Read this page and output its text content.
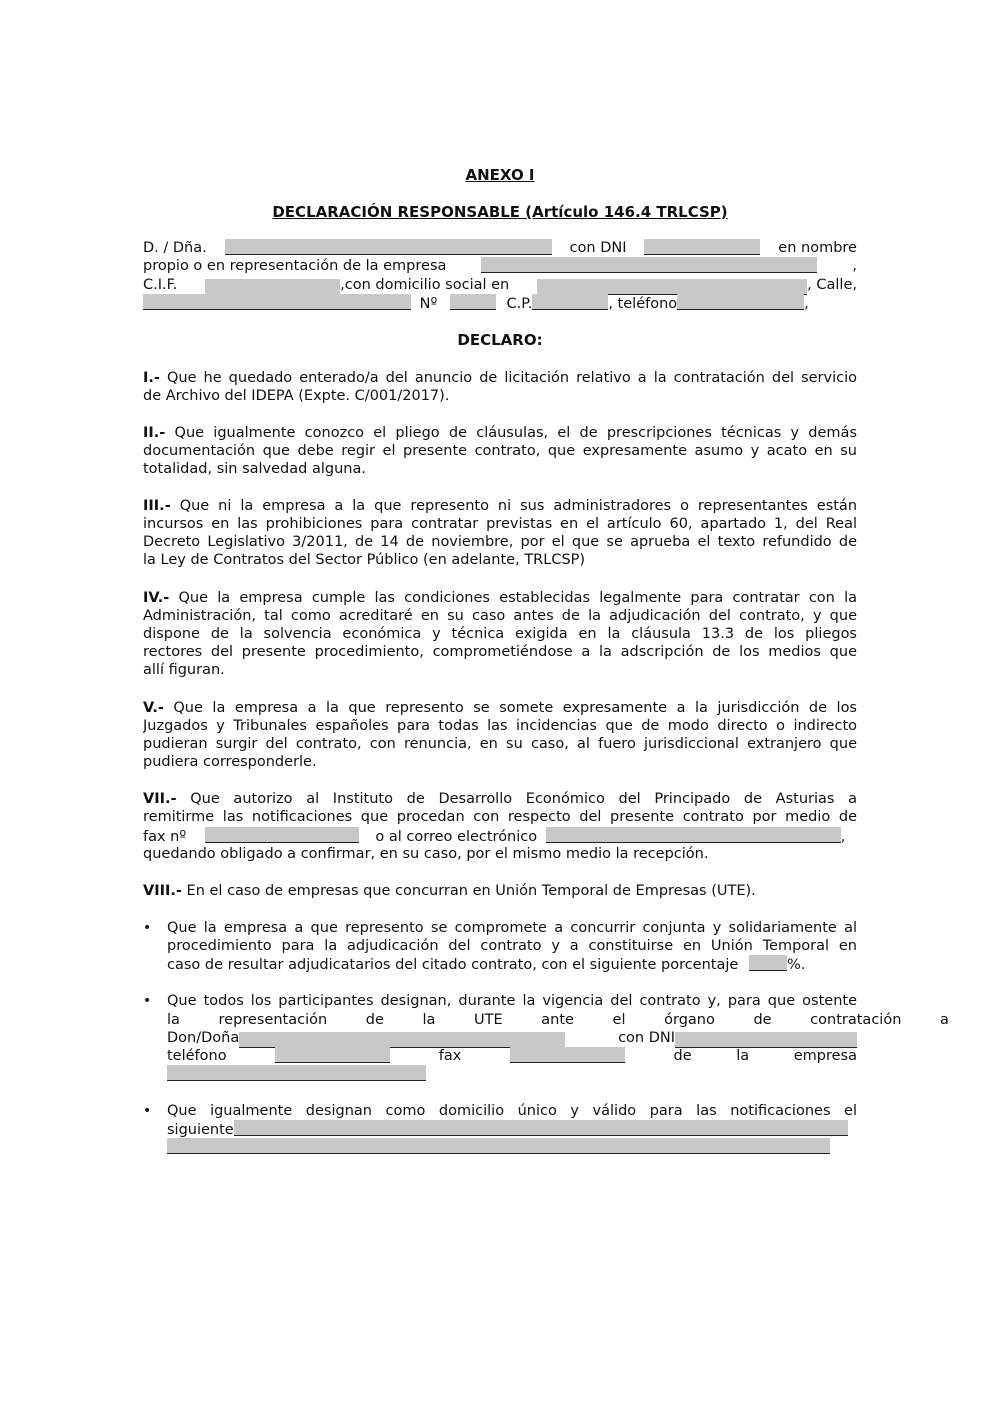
ANEXO I
DECLARACIÓN RESPONSABLE (Artículo 146.4 TRLCSP)
D. / Dña.	con DNI	en nombre
propio o en representación de la empresa	,
C.I.F.	,con domicilio social en	, Calle,
Nº	C.P.	, teléfono	,
DECLARO:
I.- Que he quedado enterado/a del anuncio de licitación relativo a la contratación del servicio
de Archivo del IDEPA (Expte. C/001/2017).
II.- Que igualmente conozco el pliego de cláusulas, el de prescripciones técnicas y demás
documentación que debe regir el presente contrato, que expresamente asumo y acato en su
totalidad, sin salvedad alguna.
III.- Que ni la empresa a la que represento ni sus administradores o representantes están
incursos en las prohibiciones para contratar previstas en el artículo 60, apartado 1, del Real
Decreto Legislativo 3/2011, de 14 de noviembre, por el que se aprueba el texto refundido de
la Ley de Contratos del Sector Público (en adelante, TRLCSP)
IV.- Que la empresa cumple las condiciones establecidas legalmente para contratar con la
Administración, tal como acreditaré en su caso antes de la adjudicación del contrato, y que
dispone de la solvencia económica y técnica exigida en la cláusula 13.3 de los pliegos
rectores del presente procedimiento, comprometiéndose a la adscripción de los medios que
allí figuran.
V.- Que la empresa a la que represento se somete expresamente a la jurisdicción de los
Juzgados y Tribunales españoles para todas las incidencias que de modo directo o indirecto
pudieran surgir del contrato, con renuncia, en su caso, al fuero jurisdiccional extranjero que
pudiera corresponderle.
VII.- Que autorizo al Instituto de Desarrollo Económico del Principado de Asturias a
remitirme las notificaciones que procedan con respecto del presente contrato por medio de
fax nº	o al correo electrónico	,
quedando obligado a confirmar, en su caso, por el mismo medio la recepción.
VIII.- En el caso de empresas que concurran en Unión Temporal de Empresas (UTE).
• Que la empresa a que represento se compromete a concurrir conjunta y solidariamente al
procedimiento para la adjudicación del contrato y a constituirse en Unión Temporal en
caso de resultar adjudicatarios del citado contrato, con el siguiente porcentaje	%.
• Que todos los participantes designan, durante la vigencia del contrato y, para que ostente
la representación de la UTE ante el órgano de contratación a
Don/Doña	con DNI
teléfono	fax	de la empresa
• Que igualmente designan como domicilio único y válido para las notificaciones el
siguiente
